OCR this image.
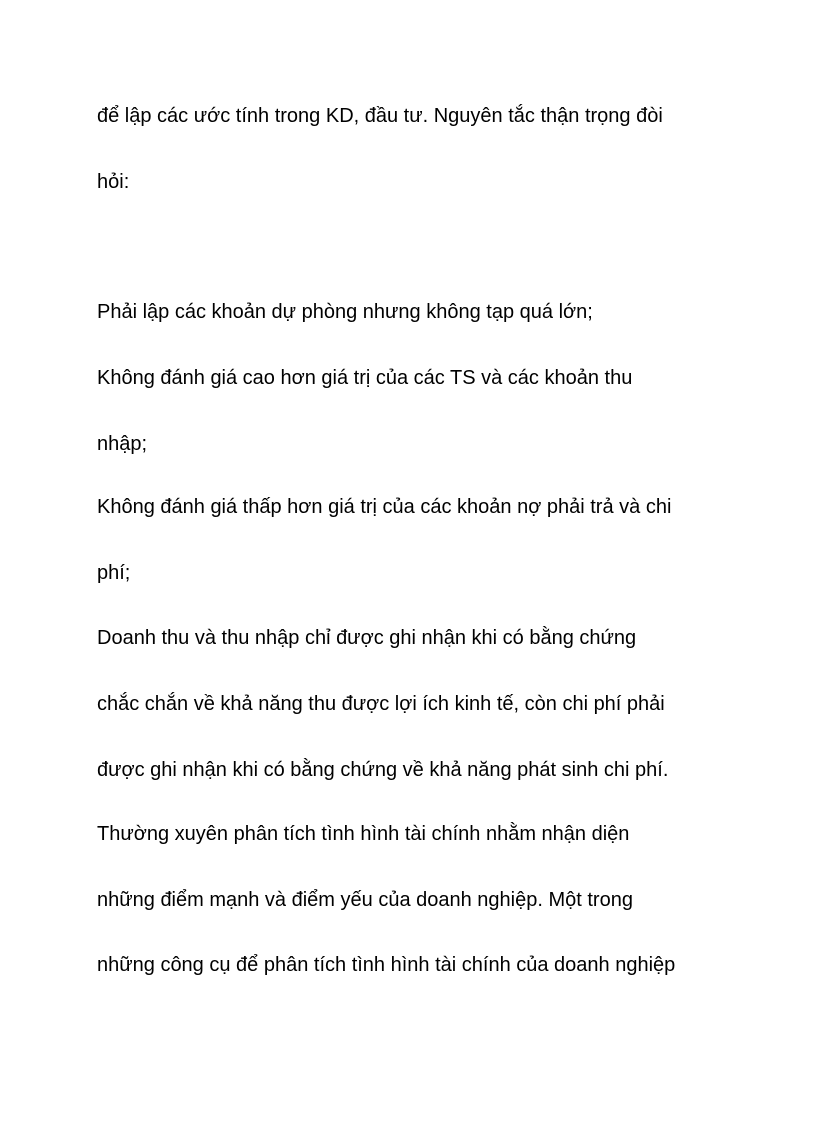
để lập các ước tính trong KD, đầu tư. Nguyên tắc thận trọng đòi

hỏi:

Phải lập các khoản dự phòng nhưng không tạp quá lớn;

Không đánh giá cao hơn giá trị của các TS và các khoản thu

nhập;

Không đánh giá thấp hơn giá trị của các khoản nợ phải trả và chi

phí;

Doanh thu và thu nhập chỉ được ghi nhận khi có bằng chứng

chắc chắn về khả năng thu được lợi ích kinh tế, còn chi phí phải

được ghi nhận khi có bằng chứng về khả năng phát sinh chi phí.

Thường xuyên phân tích tình hình tài chính nhằm nhận diện

những điểm mạnh và điểm yếu của doanh nghiệp. Một trong

những công cụ để phân tích tình hình tài chính của doanh nghiệp
